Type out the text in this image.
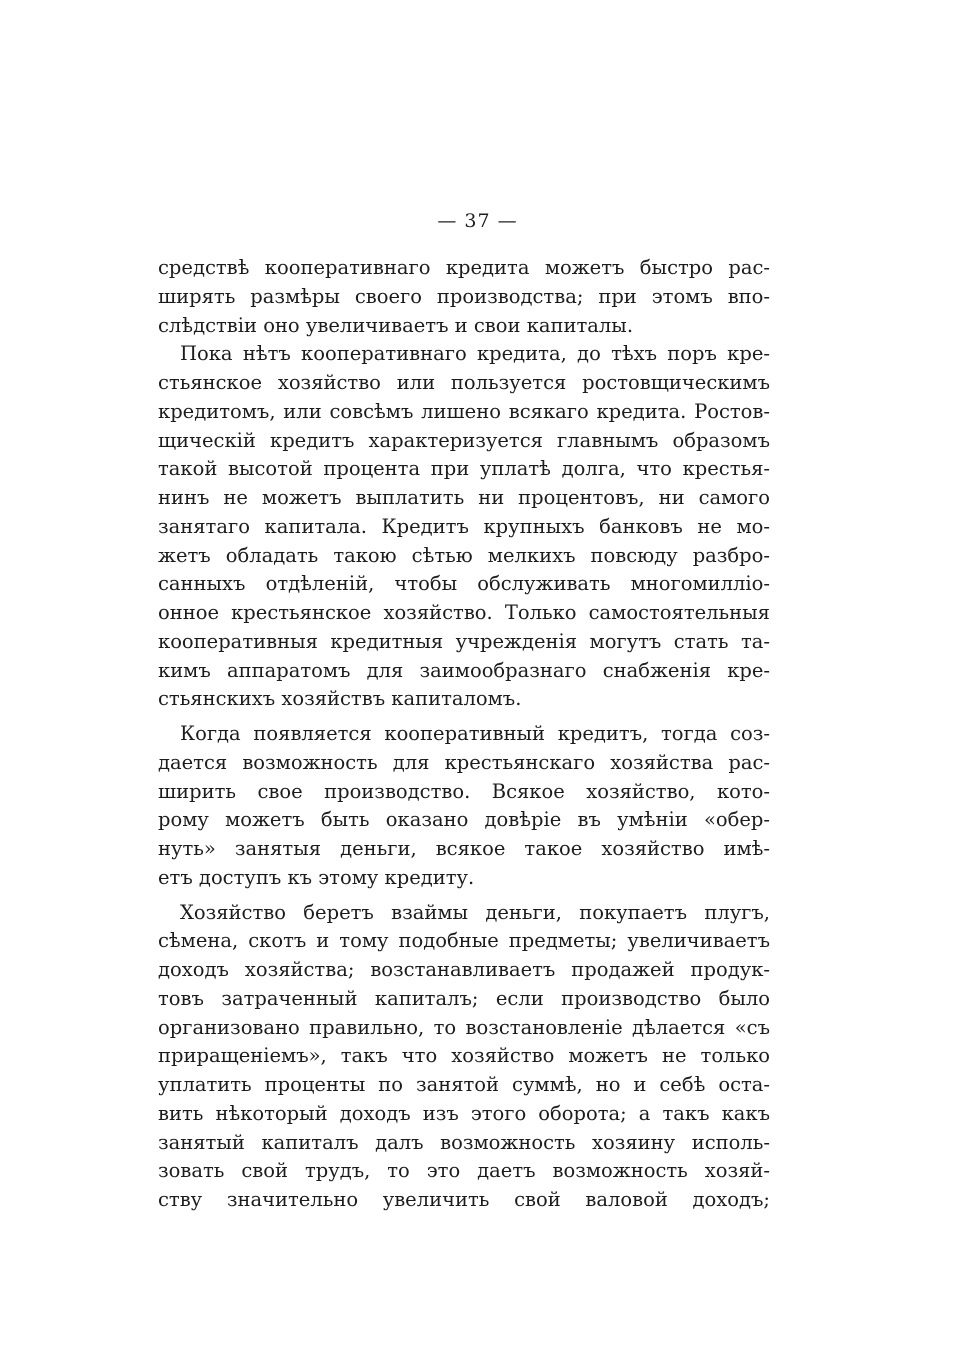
— 37 —
средствѣ кооперативнаго кредита можетъ быстро рас-
ширять размѣры своего производства; при этомъ впо-
слѣдствіи оно увеличиваетъ и свои капиталы.
Пока нѣтъ кооперативнаго кредита, до тѣхъ поръ кре-
стьянское хозяйство или пользуется ростовщическимъ
кредитомъ, или совсѣмъ лишено всякаго кредита. Ростов-
щическій кредитъ характеризуется главнымъ образомъ
такой высотой процента при уплатѣ долга, что крестья-
нинъ не можетъ выплатить ни процентовъ, ни самого
занятаго капитала. Кредитъ крупныхъ банковъ не мо-
жетъ обладать такою сѣтью мелкихъ повсюду разбро-
санныхъ отдѣленій, чтобы обслуживать многомилліо-
онное крестьянское хозяйство. Только самостоятельныя
кооперативныя кредитныя учрежденія могутъ стать та-
кимъ аппаратомъ для заимообразнаго снабженія кре-
стьянскихъ хозяйствъ капиталомъ.
Когда появляется кооперативный кредитъ, тогда соз-
дается возможность для крестьянскаго хозяйства рас-
ширить свое производство. Всякое хозяйство, кото-
рому можетъ быть оказано довѣріе въ умѣніи «обер-
нуть» занятыя деньги, всякое такое хозяйство имѣ-
етъ доступъ къ этому кредиту.
Хозяйство беретъ взаймы деньги, покупаетъ плугъ,
сѣмена, скотъ и тому подобные предметы; увеличиваетъ
доходъ хозяйства; возстанавливаетъ продажей продук-
товъ затраченный капиталъ; если производство было
организовано правильно, то возстановленіе дѣлается «съ
приращеніемъ», такъ что хозяйство можетъ не только
уплатить проценты по занятой суммѣ, но и себѣ оста-
вить нѣкоторый доходъ изъ этого оборота; а такъ какъ
занятый капиталъ далъ возможность хозяину исполь-
зовать свой трудъ, то это даетъ возможность хозяй-
ству значительно увеличить свой валовой доходъ;
